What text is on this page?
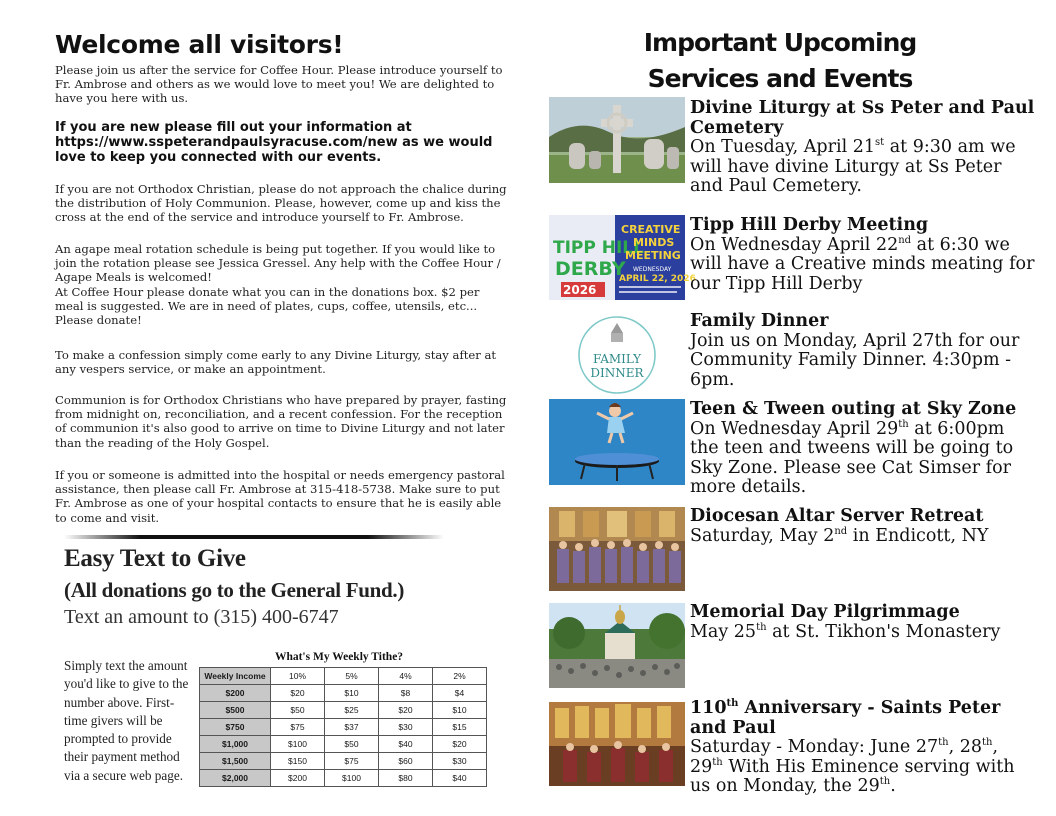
Welcome all visitors!

Please join us after the service for Coffee Hour. Please introduce yourself to Fr. Ambrose and others as we would love to meet you! We are delighted to have you here with us.

If you are new please fill out your information at https://www.sspeterandpaulsyracuse.com/new as we would love to keep you connected with our events.

If you are not Orthodox Christian, please do not approach the chalice during the distribution of Holy Communion. Please, however, come up and kiss the cross at the end of the service and introduce yourself to Fr. Ambrose.

An agape meal rotation schedule is being put together. If you would like to join the rotation please see Jessica Gressel. Any help with the Coffee Hour / Agape Meals is welcomed!

At Coffee Hour please donate what you can in the donations box. $2 per meal is suggested. We are in need of plates, cups, coffee, utensils, etc... Please donate!

To make a confession simply come early to any Divine Liturgy, stay after at any vespers service, or make an appointment.

Communion is for Orthodox Christians who have prepared by prayer, fasting from midnight on, reconciliation, and a recent confession. For the reception of communion it's also good to arrive on time to Divine Liturgy and not later than the reading of the Holy Gospel.

If you or someone is admitted into the hospital or needs emergency pastoral assistance, then please call Fr. Ambrose at 315-418-5738. Make sure to put Fr. Ambrose as one of your hospital contacts to ensure that he is easily able to come and visit.

Easy Text to Give
(All donations go to the General Fund.)
Text an amount to (315) 400-6747
Simply text the amount you'd like to give to the number above. First-time givers will be prompted to provide their payment method via a secure web page.
What's My Weekly Tithe?
Weekly Income	10%	5%	4%	2%
$200	$20	$10	$8	$4
$500	$50	$25	$20	$10
$750	$75	$37	$30	$15
$1,000	$100	$50	$40	$20
$1,500	$150	$75	$60	$30
$2,000	$200	$100	$80	$40
Important Upcoming
Services and Events
Divine Liturgy at Ss Peter and Paul Cemetery
On Tuesday, April 21st at 9:30 am we will have divine Liturgy at Ss Peter and Paul Cemetery.
TIPP HILL
DERBY
2026
CREATIVE
MINDS
MEETING
WEDNESDAY
APRIL 22, 2026
Tipp Hill Derby Meeting
On Wednesday April 22nd at 6:30 we will have a Creative minds meating for our Tipp Hill Derby
FAMILY
DINNER
Family Dinner
Join us on Monday, April 27th for our Community Family Dinner. 4:30pm - 6pm.
Teen & Tween outing at Sky Zone
On Wednesday April 29th at 6:00pm the teen and tweens will be going to Sky Zone. Please see Cat Simser for more details.
Diocesan Altar Server Retreat
Saturday, May 2nd in Endicott, NY
Memorial Day Pilgrimmage
May 25th at St. Tikhon's Monastery
110th Anniversary - Saints Peter and Paul
Saturday - Monday: June 27th, 28th, 29th With His Eminence serving with us on Monday, the 29th.
